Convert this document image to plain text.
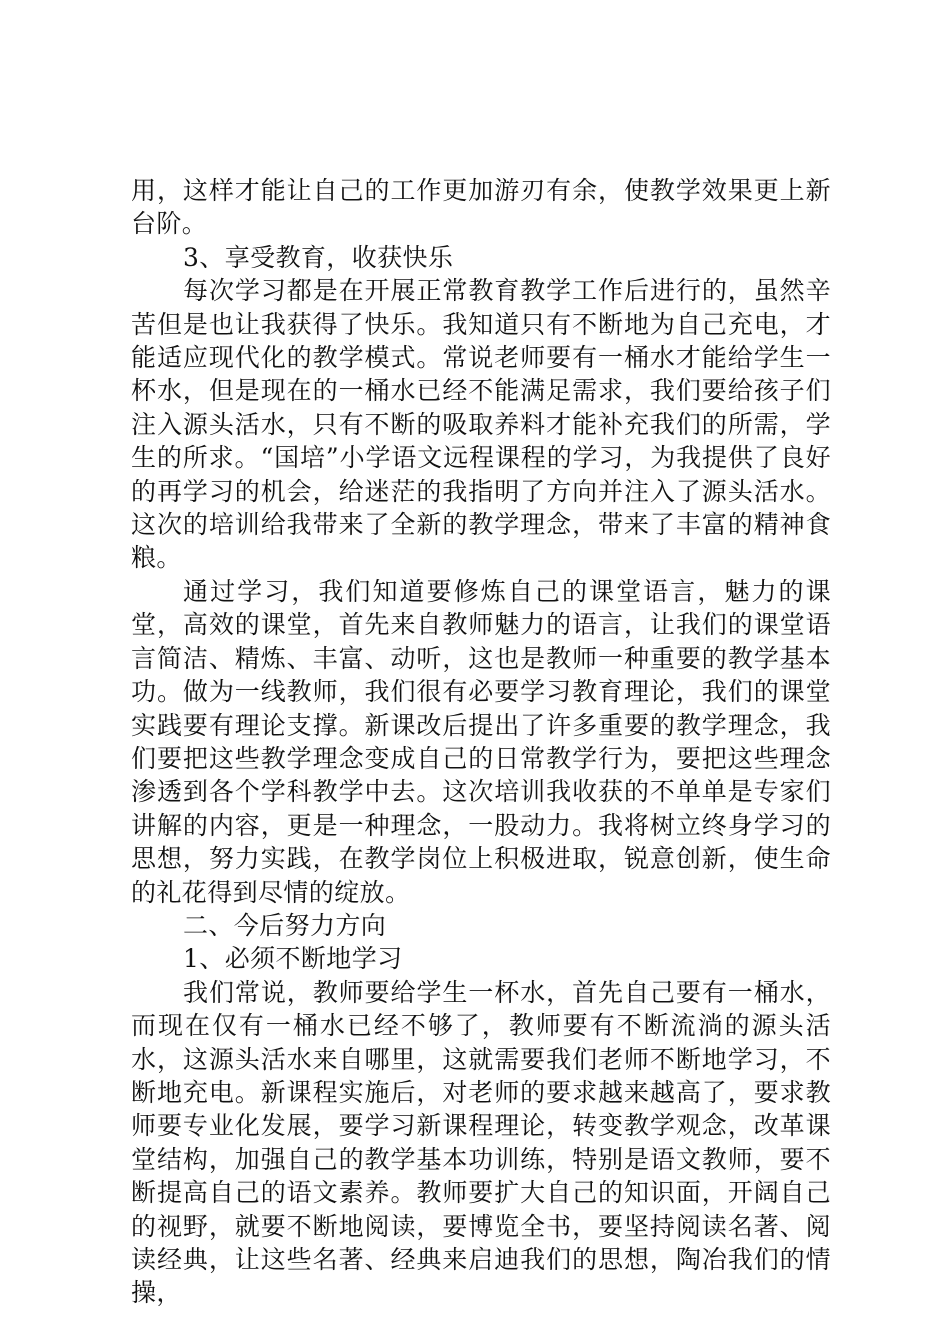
用，这样才能让自己的工作更加游刃有余，使教学效果更上新台阶。

3、享受教育，收获快乐

每次学习都是在开展正常教育教学工作后进行的，虽然辛苦但是也让我获得了快乐。我知道只有不断地为自己充电，才能适应现代化的教学模式。常说老师要有一桶水才能给学生一杯水，但是现在的一桶水已经不能满足需求，我们要给孩子们注入源头活水，只有不断的吸取养料才能补充我们的所需，学生的所求。“国培”小学语文远程课程的学习，为我提供了良好的再学习的机会，给迷茫的我指明了方向并注入了源头活水。这次的培训给我带来了全新的教学理念，带来了丰富的精神食粮。

通过学习，我们知道要修炼自己的课堂语言，魅力的课堂，高效的课堂，首先来自教师魅力的语言，让我们的课堂语言简洁、精炼、丰富、动听，这也是教师一种重要的教学基本功。做为一线教师，我们很有必要学习教育理论，我们的课堂实践要有理论支撑。新课改后提出了许多重要的教学理念，我们要把这些教学理念变成自己的日常教学行为，要把这些理念渗透到各个学科教学中去。这次培训我收获的不单单是专家们讲解的内容，更是一种理念，一股动力。我将树立终身学习的思想，努力实践，在教学岗位上积极进取，锐意创新，使生命的礼花得到尽情的绽放。

二、今后努力方向

1、必须不断地学习

我们常说，教师要给学生一杯水，首先自己要有一桶水，而现在仅有一桶水已经不够了，教师要有不断流淌的源头活水，这源头活水来自哪里，这就需要我们老师不断地学习，不断地充电。新课程实施后，对老师的要求越来越高了，要求教师要专业化发展，要学习新课程理论，转变教学观念，改革课堂结构，加强自己的教学基本功训练，特别是语文教师，要不断提高自己的语文素养。教师要扩大自己的知识面，开阔自己的视野，就要不断地阅读，要博览全书，要坚持阅读名著、阅读经典，让这些名著、经典来启迪我们的思想，陶冶我们的情操，
